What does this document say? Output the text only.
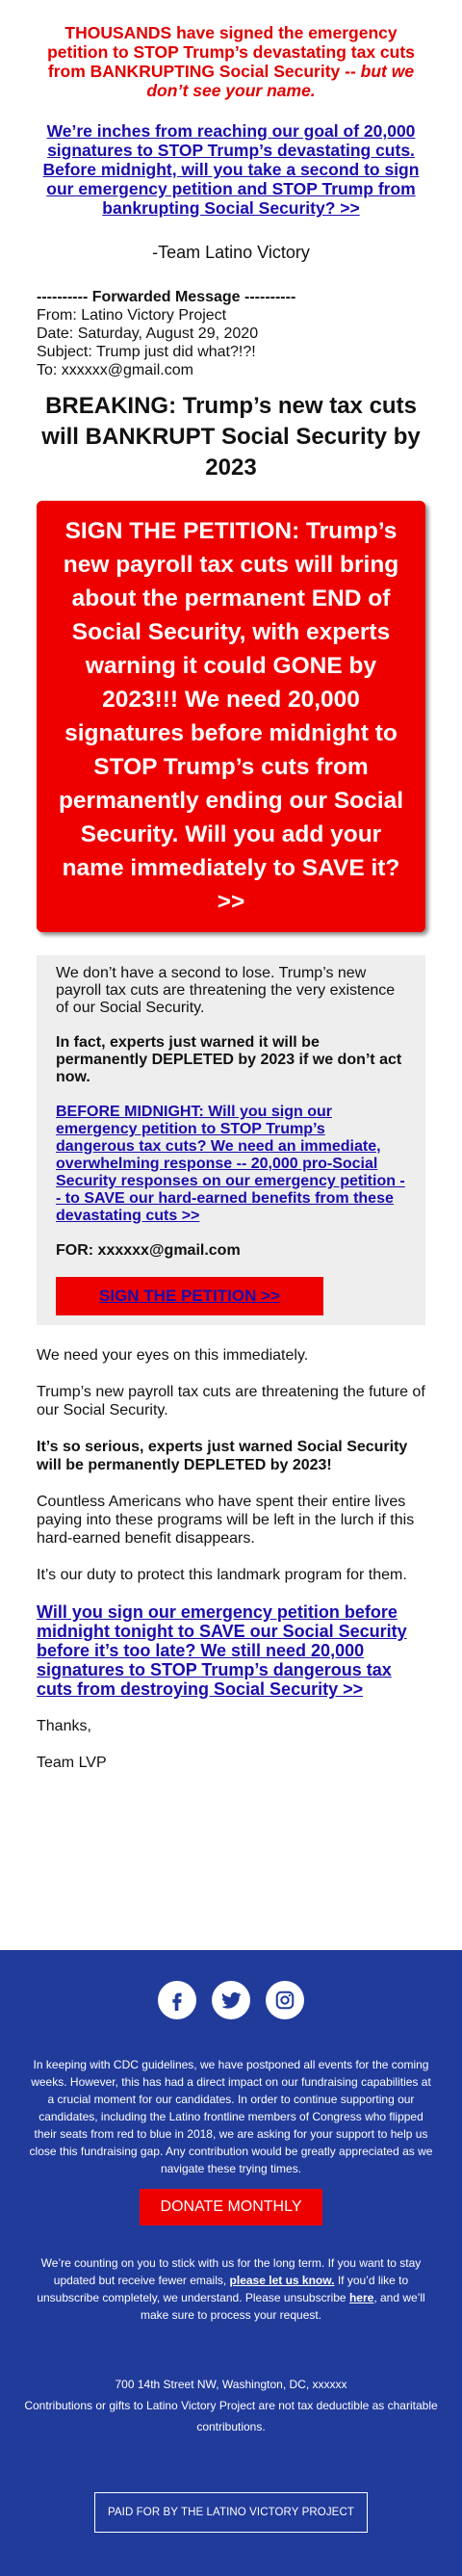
THOUSANDS have signed the emergency petition to STOP Trump’s devastating tax cuts from BANKRUPTING Social Security -- but we don’t see your name.

We’re inches from reaching our goal of 20,000 signatures to STOP Trump’s devastating cuts. Before midnight, will you take a second to sign our emergency petition and STOP Trump from bankrupting Social Security? >>

-Team Latino Victory

---------- Forwarded Message ----------

From: Latino Victory Project

Date: Saturday, August 29, 2020

Subject: Trump just did what?!?!

To: xxxxxx@gmail.com

BREAKING: Trump’s new tax cuts will BANKRUPT Social Security by 2023
SIGN THE PETITION: Trump’s new payroll tax cuts will bring about the permanent END of Social Security, with experts warning it could GONE by 2023!!! We need 20,000 signatures before midnight to STOP Trump’s cuts from permanently ending our Social Security. Will you add your name immediately to SAVE it? >>

We don’t have a second to lose. Trump’s new payroll tax cuts are threatening the very existence of our Social Security.

In fact, experts just warned it will be permanently DEPLETED by 2023 if we don’t act now.

BEFORE MIDNIGHT: Will you sign our emergency petition to STOP Trump’s dangerous tax cuts? We need an immediate, overwhelming response -- 20,000 pro-Social Security responses on our emergency petition -- to SAVE our hard-earned benefits from these devastating cuts >>

FOR: xxxxxx@gmail.com

SIGN THE PETITION >>

We need your eyes on this immediately.

Trump’s new payroll tax cuts are threatening the future of our Social Security.

It’s so serious, experts just warned Social Security will be permanently DEPLETED by 2023!

Countless Americans who have spent their entire lives paying into these programs will be left in the lurch if this hard-earned benefit disappears.

It’s our duty to protect this landmark program for them.

Will you sign our emergency petition before midnight tonight to SAVE our Social Security before it’s too late? We still need 20,000 signatures to STOP Trump’s dangerous tax cuts from destroying Social Security >>

Thanks,

Team LVP

In keeping with CDC guidelines, we have postponed all events for the coming weeks. However, this has had a direct impact on our fundraising capabilities at a crucial moment for our candidates. In order to continue supporting our candidates, including the Latino frontline members of Congress who flipped their seats from red to blue in 2018, we are asking for your support to help us close this fundraising gap. Any contribution would be greatly appreciated as we navigate these trying times.

DONATE MONTHLY

We’re counting on you to stick with us for the long term. If you want to stay updated but receive fewer emails, please let us know. If you’d like to unsubscribe completely, we understand. Please unsubscribe here, and we’ll make sure to process your request.

700 14th Street NW, Washington, DC, xxxxxx

Contributions or gifts to Latino Victory Project are not tax deductible as charitable contributions.

PAID FOR BY THE LATINO VICTORY PROJECT
